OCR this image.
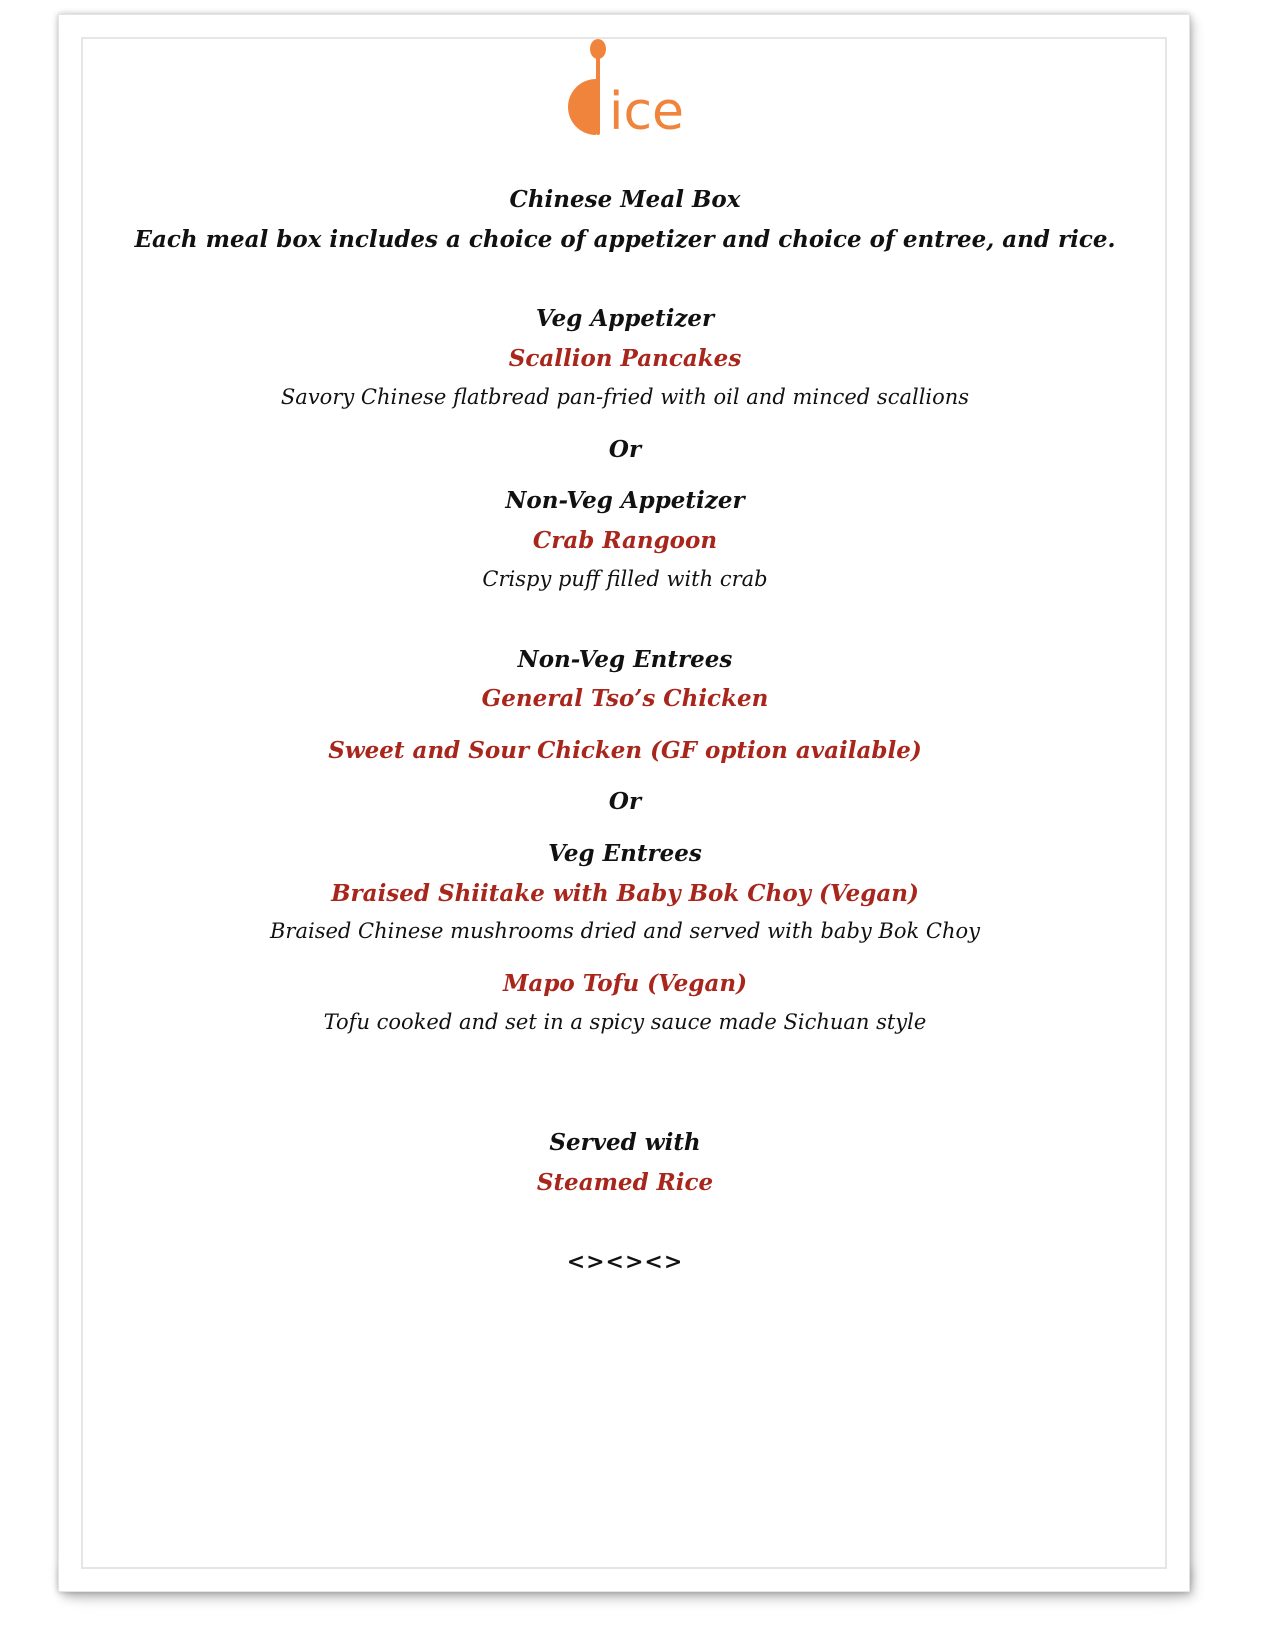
ice
Chinese Meal Box
Each meal box includes a choice of appetizer and choice of entree, and rice.
Veg Appetizer
Scallion Pancakes
Savory Chinese flatbread pan-fried with oil and minced scallions
Or
Non-Veg Appetizer
Crab Rangoon
Crispy puff filled with crab
Non-Veg Entrees
General Tso’s Chicken
Sweet and Sour Chicken (GF option available)
Or
Veg Entrees
Braised Shiitake with Baby Bok Choy (Vegan)
Braised Chinese mushrooms dried and served with baby Bok Choy
Mapo Tofu (Vegan)
Tofu cooked and set in a spicy sauce made Sichuan style
Served with
Steamed Rice
<><><>
